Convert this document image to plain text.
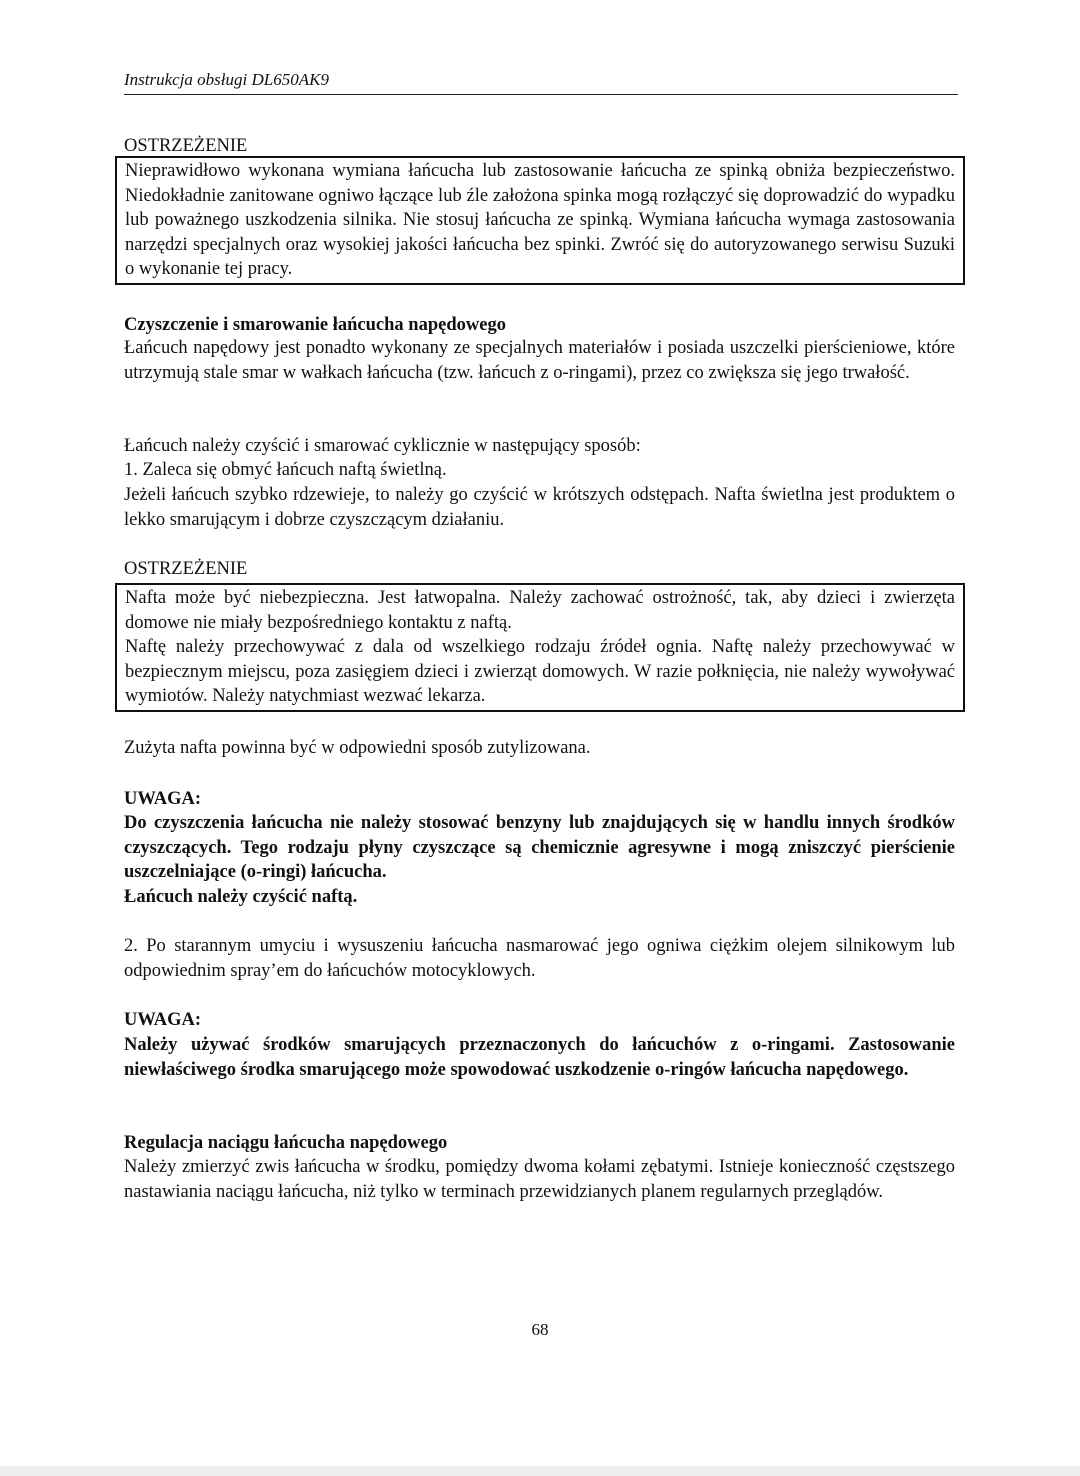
Instrukcja obsługi DL650AK9
OSTRZEŻENIE

Nieprawidłowo wykonana wymiana łańcucha lub zastosowanie łańcucha ze spinką obniża bezpieczeństwo. Niedokładnie zanitowane ogniwo łączące lub źle założona spinka mogą rozłączyć się doprowadzić do wypadku lub poważnego uszkodzenia silnika. Nie stosuj łańcucha ze spinką. Wymiana łańcucha wymaga zastosowania narzędzi specjalnych oraz wysokiej jakości łańcucha bez spinki. Zwróć się do autoryzowanego serwisu Suzuki o wykonanie tej pracy.

Czyszczenie i smarowanie łańcucha napędowego
Łańcuch napędowy jest ponadto wykonany ze specjalnych materiałów i posiada uszczelki pierścieniowe, które utrzymują stale smar w wałkach łańcucha (tzw. łańcuch z o-ringami), przez co zwiększa się jego trwałość.
Łańcuch należy czyścić i smarować cyklicznie w następujący sposób:
1. Zaleca się obmyć łańcuch naftą świetlną.
Jeżeli łańcuch szybko rdzewieje, to należy go czyścić w krótszych odstępach. Nafta świetlna jest produktem o lekko smarującym i dobrze czyszczącym działaniu.
OSTRZEŻENIE

Nafta może być niebezpieczna. Jest łatwopalna. Należy zachować ostrożność, tak, aby dzieci i zwierzęta domowe nie miały bezpośredniego kontaktu z naftą.

Naftę należy przechowywać z dala od wszelkiego rodzaju źródeł ognia. Naftę należy przechowywać w bezpiecznym miejscu, poza zasięgiem dzieci i zwierząt domowych. W razie połknięcia, nie należy wywoływać wymiotów. Należy natychmiast wezwać lekarza.

Zużyta nafta powinna być w odpowiedni sposób zutylizowana.
UWAGA:
Do czyszczenia łańcucha nie należy stosować benzyny lub znajdujących się w handlu innych środków czyszczących. Tego rodzaju płyny czyszczące są chemicznie agresywne i mogą zniszczyć pierścienie uszczelniające (o-ringi) łańcucha.
Łańcuch należy czyścić naftą.
2. Po starannym umyciu i wysuszeniu łańcucha nasmarować jego ogniwa ciężkim olejem silnikowym lub odpowiednim spray’em do łańcuchów motocyklowych.
UWAGA:
Należy używać środków smarujących przeznaczonych do łańcuchów z o-ringami. Zastosowanie niewłaściwego środka smarującego może spowodować uszkodzenie o-ringów łańcucha napędowego.
Regulacja naciągu łańcucha napędowego
Należy zmierzyć zwis łańcucha w środku, pomiędzy dwoma kołami zębatymi. Istnieje konieczność częstszego nastawiania naciągu łańcucha, niż tylko w terminach przewidzianych planem regularnych przeglądów.
68
